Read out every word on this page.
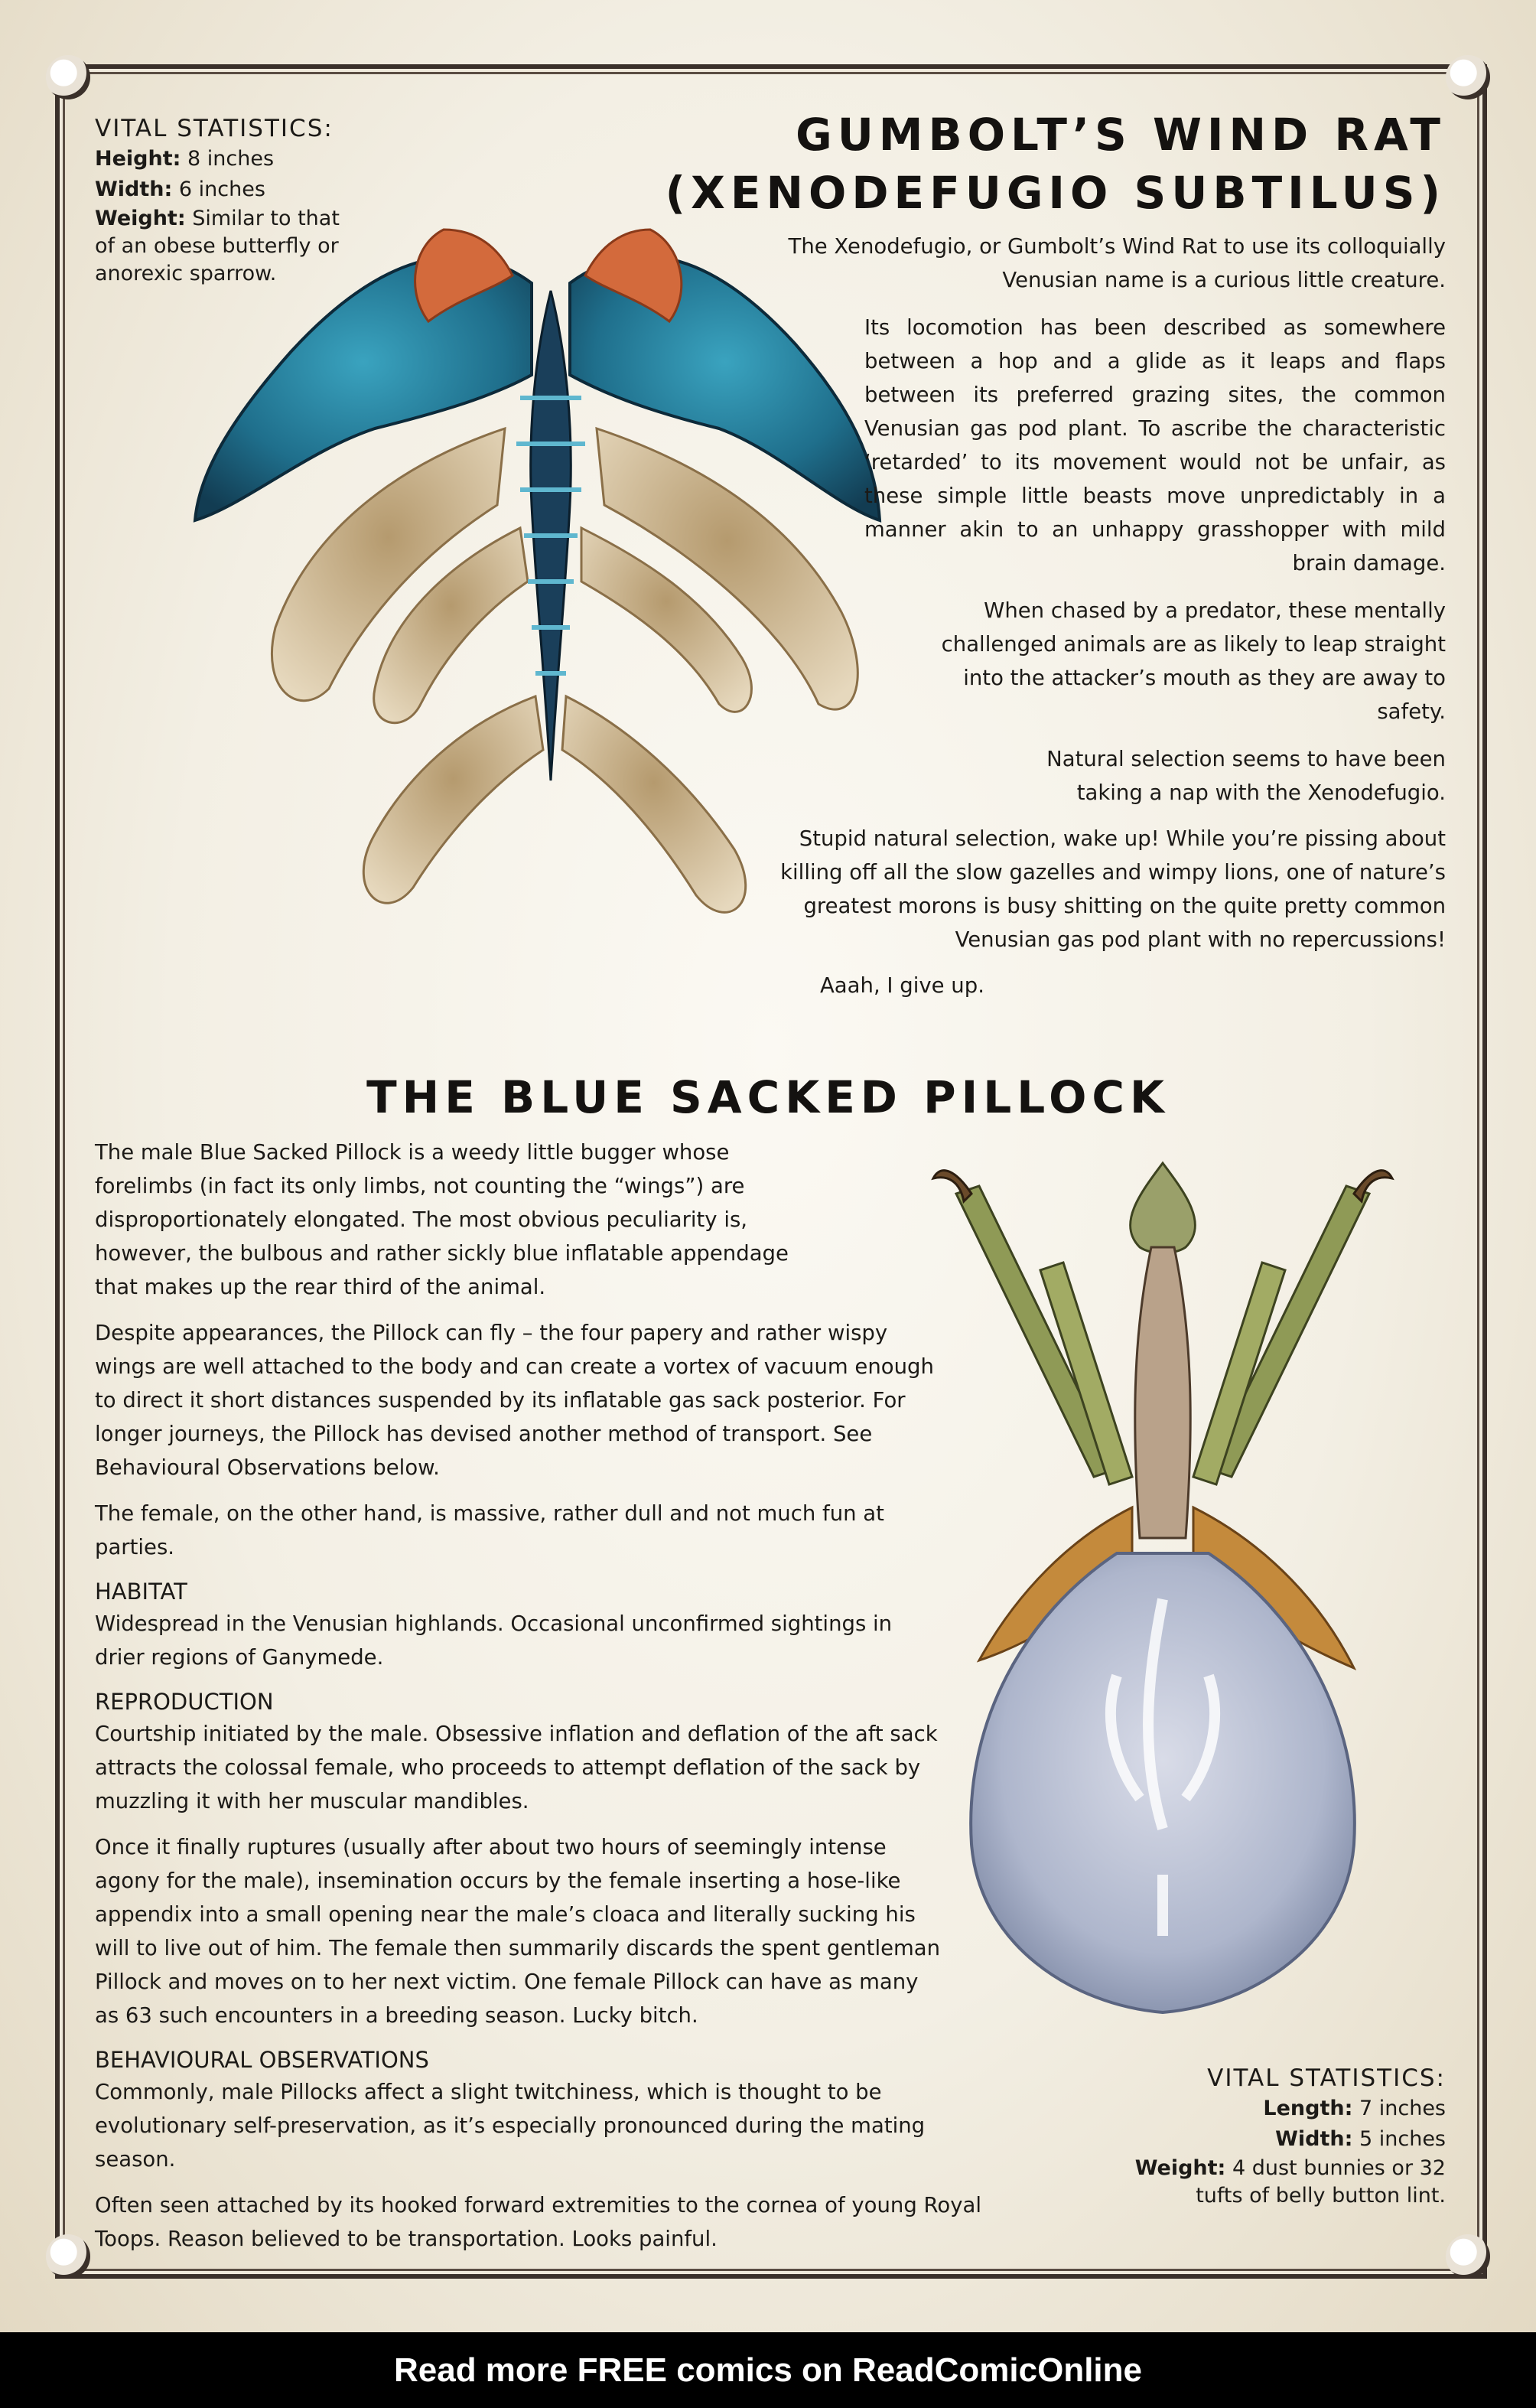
VITAL STATISTICS:
Height: 8 inches
Width: 6 inches
Weight: Similar to that of an obese butterfly or anorexic sparrow.
GUMBOLT’S WIND RAT
(XENODEFUGIO SUBTILUS)
The Xenodefugio, or Gumbolt’s Wind Rat to use its colloquially Venusian name is a curious little creature.
Its locomotion has been described as somewhere between a hop and a glide as it leaps and flaps between its preferred grazing sites, the common Venusian gas pod plant. To ascribe the characteristic ‘retarded’ to its movement would not be unfair, as these simple little beasts move unpredictably in a manner akin to an unhappy grasshopper with mild brain damage.
When chased by a predator, these mentally challenged animals are as likely to leap straight into the attacker’s mouth as they are away to safety.
Natural selection seems to have been taking a nap with the Xenodefugio.
Stupid natural selection, wake up! While you’re pissing about killing off all the slow gazelles and wimpy lions, one of nature’s greatest morons is busy shitting on the quite pretty common Venusian gas pod plant with no repercussions!
Aaah, I give up.
THE BLUE SACKED PILLOCK

The male Blue Sacked Pillock is a weedy little bugger whose forelimbs (in fact its only limbs, not counting the “wings”) are disproportionately elongated. The most obvious peculiarity is, however, the bulbous and rather sickly blue inflatable appendage that makes up the rear third of the animal.

Despite appearances, the Pillock can fly – the four papery and rather wispy wings are well attached to the body and can create a vortex of vacuum enough to direct it short distances suspended by its inflatable gas sack posterior. For longer journeys, the Pillock has devised another method of transport. See Behavioural Observations below.

The female, on the other hand, is massive, rather dull and not much fun at parties.

HABITAT

Widespread in the Venusian highlands. Occasional unconfirmed sightings in drier regions of Ganymede.

REPRODUCTION

Courtship initiated by the male. Obsessive inflation and deflation of the aft sack attracts the colossal female, who proceeds to attempt deflation of the sack by muzzling it with her muscular mandibles.

Once it finally ruptures (usually after about two hours of seemingly intense agony for the male), insemination occurs by the female inserting a hose-like appendix into a small opening near the male’s cloaca and literally sucking his will to live out of him. The female then summarily discards the spent gentleman Pillock and moves on to her next victim. One female Pillock can have as many as 63 such encounters in a breeding season. Lucky bitch.

BEHAVIOURAL OBSERVATIONS

Commonly, male Pillocks affect a slight twitchiness, which is thought to be evolutionary self-preservation, as it’s especially pronounced during the mating season.

Often seen attached by its hooked forward extremities to the cornea of young Royal Toops. Reason believed to be transportation. Looks painful.

VITAL STATISTICS:
Length: 7 inches
Width: 5 inches
Weight: 4 dust bunnies or 32 tufts of belly button lint.
Read more FREE comics on ReadComicOnline
